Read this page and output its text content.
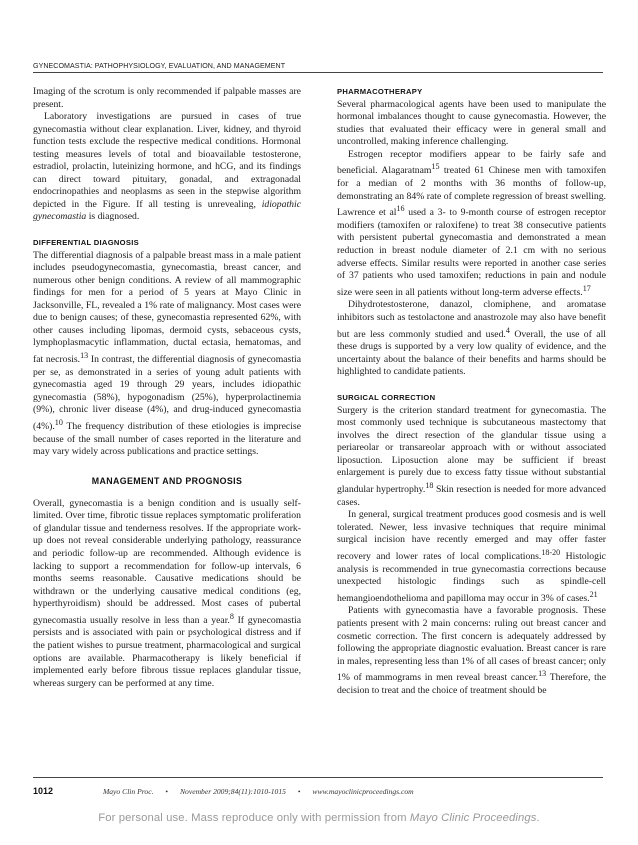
GYNECOMASTIA: PATHOPHYSIOLOGY, EVALUATION, AND MANAGEMENT

Imaging of the scrotum is only recommended if palpable masses are present.

Laboratory investigations are pursued in cases of true gynecomastia without clear explanation. Liver, kidney, and thyroid function tests exclude the respective medical conditions. Hormonal testing measures levels of total and bioavailable testosterone, estradiol, prolactin, luteinizing hormone, and hCG, and its findings can direct toward pituitary, gonadal, and extragonadal endocrinopathies and neoplasms as seen in the stepwise algorithm depicted in the Figure. If all testing is unrevealing, idiopathic gynecomastia is diagnosed.

DIFFERENTIAL DIAGNOSIS

The differential diagnosis of a palpable breast mass in a male patient includes pseudogynecomastia, gynecomastia, breast cancer, and numerous other benign conditions. A review of all mammographic findings for men for a period of 5 years at Mayo Clinic in Jacksonville, FL, revealed a 1% rate of malignancy. Most cases were due to benign causes; of these, gynecomastia represented 62%, with other causes including lipomas, dermoid cysts, sebaceous cysts, lymphoplasmacytic inflammation, ductal ectasia, hematomas, and fat necrosis.$^{13}$ In contrast, the differential diagnosis of gynecomastia per se, as demonstrated in a series of young adult patients with gynecomastia aged 19 through 29 years, includes idiopathic gynecomastia (58%), hypogonadism (25%), hyperprolactinemia (9%), chronic liver disease (4%), and drug-induced gynecomastia (4%).$^{10}$ The frequency distribution of these etiologies is imprecise because of the small number of cases reported in the literature and may vary widely across publications and practice settings.

MANAGEMENT AND PROGNOSIS

Overall, gynecomastia is a benign condition and is usually self-limited. Over time, fibrotic tissue replaces symptomatic proliferation of glandular tissue and tenderness resolves. If the appropriate work-up does not reveal considerable underlying pathology, reassurance and periodic follow-up are recommended. Although evidence is lacking to support a recommendation for follow-up intervals, 6 months seems reasonable. Causative medications should be withdrawn or the underlying causative medical conditions (eg, hyperthyroidism) should be addressed. Most cases of pubertal gynecomastia usually resolve in less than a year.$^8$ If gynecomastia persists and is associated with pain or psychological distress and if the patient wishes to pursue treatment, pharmacological and surgical options are available. Pharmacotherapy is likely beneficial if implemented early before fibrous tissue replaces glandular tissue, whereas surgery can be performed at any time.

PHARMACOTHERAPY

Several pharmacological agents have been used to manipulate the hormonal imbalances thought to cause gynecomastia. However, the studies that evaluated their efficacy were in general small and uncontrolled, making inference challenging.

Estrogen receptor modifiers appear to be fairly safe and beneficial. Alagaratnam$^{15}$ treated 61 Chinese men with tamoxifen for a median of 2 months with 36 months of follow-up, demonstrating an 84% rate of complete regression of breast swelling. Lawrence et $al^{16}$ used a 3- to 9-month course of estrogen receptor modifiers (tamoxifen or raloxifene) to treat 38 consecutive patients with persistent pubertal gynecomastia and demonstrated a mean reduction in breast nodule diameter of 2.1 cm with no serious adverse effects. Similar results were reported in another case series of 37 patients who used tamoxifen; reductions in pain and nodule size were seen in all patients without long-term adverse effects.$^{17}$

Dihydrotestosterone, danazol, clomiphene, and aromatase inhibitors such as testolactone and anastrozole may also have benefit but are less commonly studied and used.$^4$ Overall, the use of all these drugs is supported by a very low quality of evidence, and the uncertainty about the balance of their benefits and harms should be highlighted to candidate patients.

SURGICAL CORRECTION

Surgery is the criterion standard treatment for gynecomastia. The most commonly used technique is subcutaneous mastectomy that involves the direct resection of the glandular tissue using a periareolar or transareolar approach with or without associated liposuction. Liposuction alone may be sufficient if breast enlargement is purely due to excess fatty tissue without substantial glandular hypertrophy.$^{18}$ Skin resection is needed for more advanced cases.

In general, surgical treatment produces good cosmesis and is well tolerated. Newer, less invasive techniques that require minimal surgical incision have recently emerged and may offer faster recovery and lower rates of local complications.$^{18-20}$ Histologic analysis is recommended in true gynecomastia corrections because unexpected histologic findings such as spindle-cell hemangioendothelioma and papilloma may occur in 3% of cases.$^{21}$

Patients with gynecomastia have a favorable prognosis. These patients present with 2 main concerns: ruling out breast cancer and cosmetic correction. The first concern is adequately addressed by following the appropriate diagnostic evaluation. Breast cancer is rare in males, representing less than 1% of all cases of breast cancer; only 1% of mammograms in men reveal breast cancer.$^{13}$ Therefore, the decision to treat and the choice of treatment should be

1012	Mayo Clin Proc. • November 2009;84(11):1010-1015 • www.mayoclinicproceedings.com
For personal use. Mass reproduce only with permission from Mayo Clinic Proceedings.
